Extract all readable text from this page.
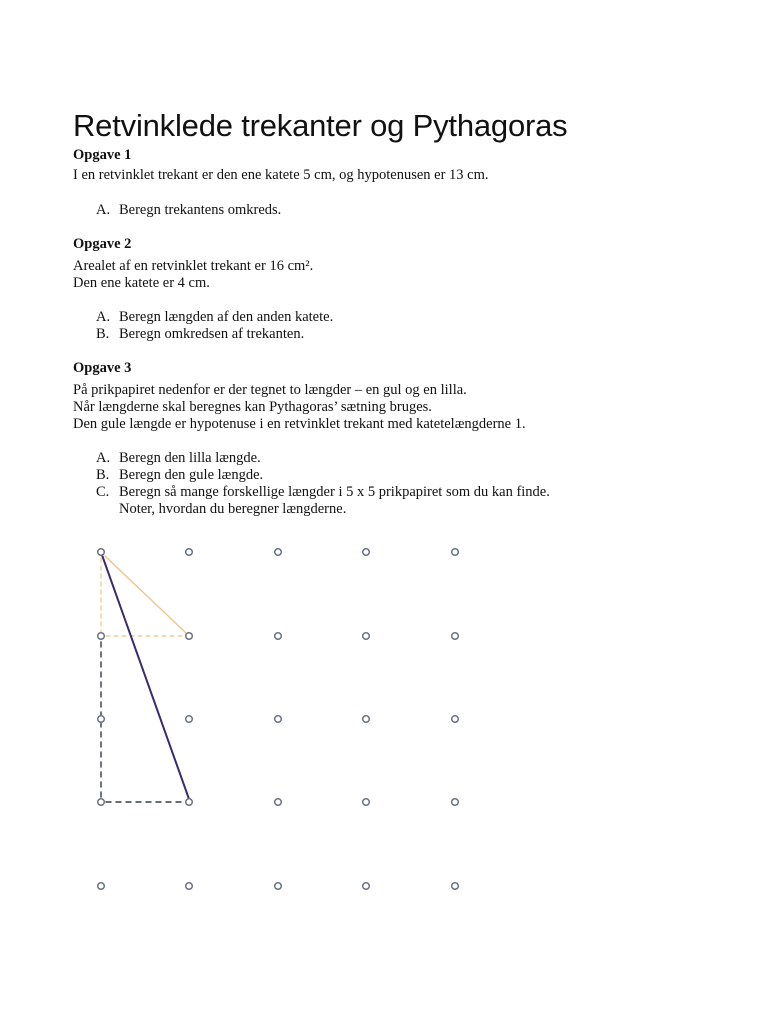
Retvinklede trekanter og Pythagoras
Opgave 1
I en retvinklet trekant er den ene katete 5 cm, og hypotenusen er 13 cm.
A. Beregn trekantens omkreds.
Opgave 2
Arealet af en retvinklet trekant er 16 cm².
Den ene katete er 4 cm.
A. Beregn længden af den anden katete.
B. Beregn omkredsen af trekanten.
Opgave 3
På prikpapiret nedenfor er der tegnet to længder – en gul og en lilla.
Når længderne skal beregnes kan Pythagoras’ sætning bruges.
Den gule længde er hypotenuse i en retvinklet trekant med katetelængderne 1.
A. Beregn den lilla længde.
B. Beregn den gule længde.
C. Beregn så mange forskellige længder i 5 x 5 prikpapiret som du kan finde.
Noter, hvordan du beregner længderne.
